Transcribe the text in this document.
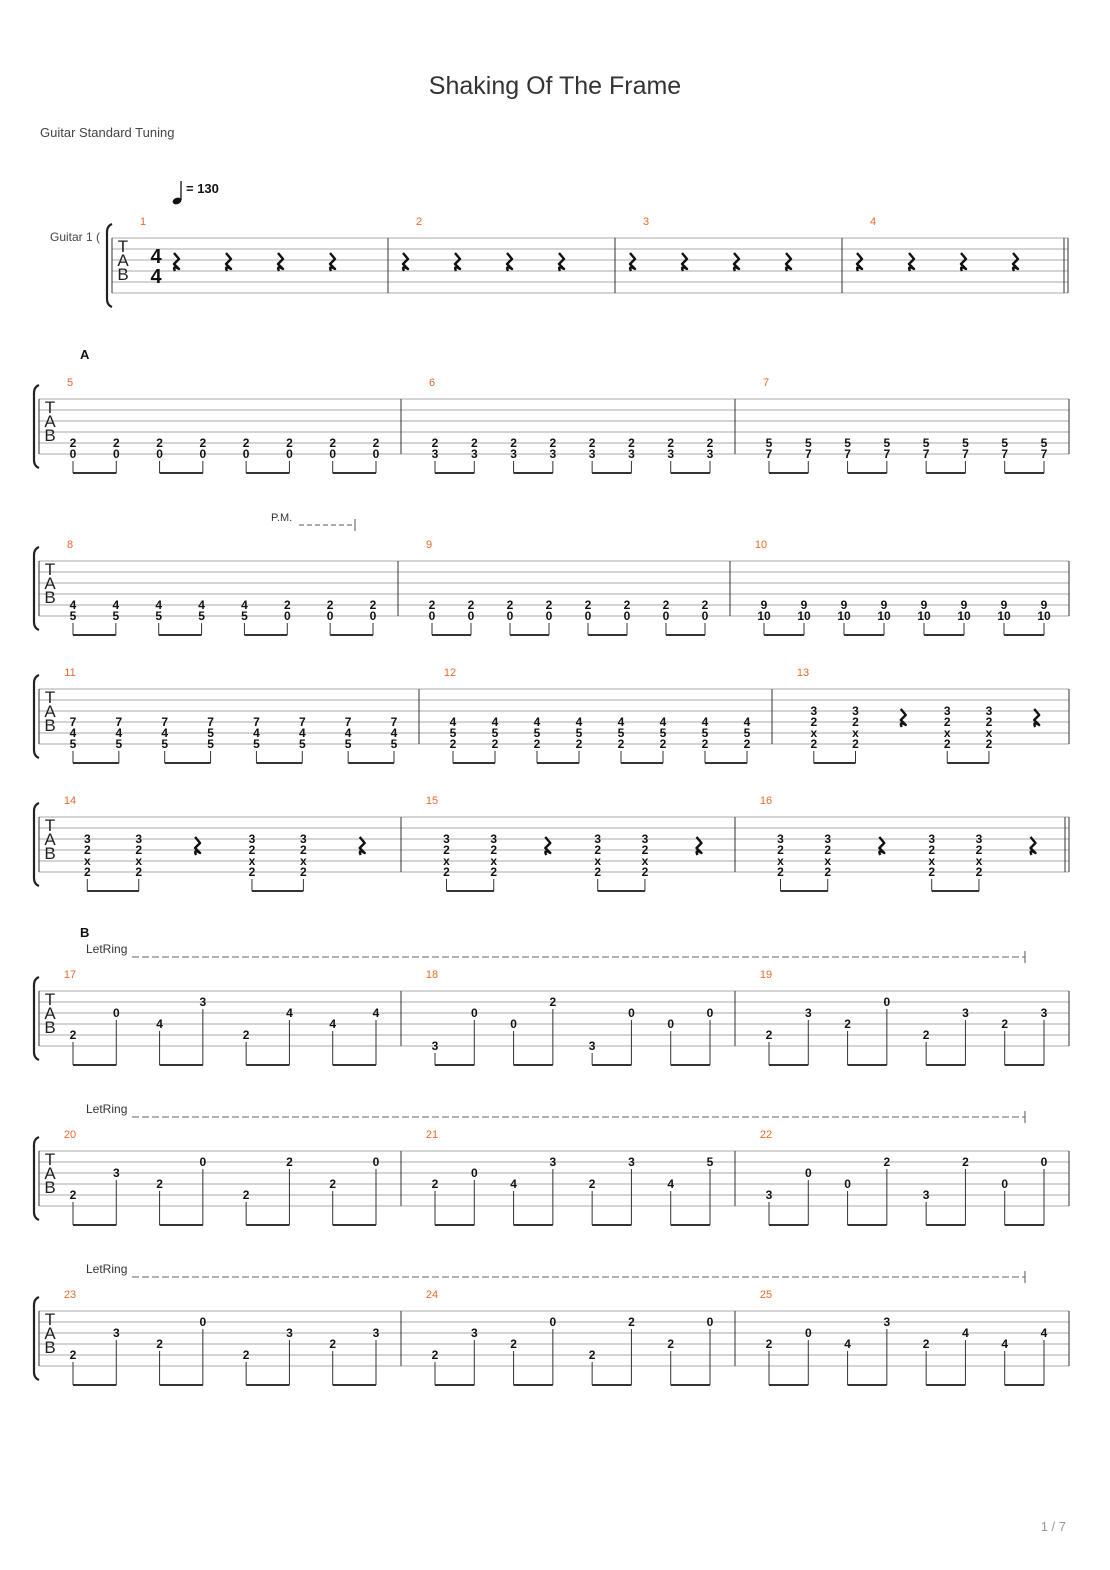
Shaking Of The Frame
Guitar Standard Tuning
1 / 7
T
A
B
1	2	3	4
T
A
B
5
2
0
2
0
2
0
2
0
2
0
2
0
2
0
2
0
6
2
3
2
3
2
3
2
3
2
3
2
3
2
3
2
3
7
5
7
5
7
5
7
5
7
5
7
5
7
5
7
5
7
T
A
B
8
4
5
4
5
4
5
4
5
4
5
2
0
2
0
2
0
9
2
0
2
0
2
0
2
0
2
0
2
0
2
0
2
0
10
9
10
9
10
9
10
9
10
9
10
9
10
9
10
9
10
T
A
B
11
7
4
5
7
4
5
7
4
5
7
5
5
7
4
5
7
4
5
7
4
5
7
4
5
12
4
5
2
4
5
2
4
5
2
4
5
2
4
5
2
4
5
2
4
5
2
4
5
2
13
3
2
x
2
3
2
x
2
3
2
x
2
3
2
x
2
T
A
B
14
3
2
x
2
3
2
x
2
3
2
x
2
3
2
x
2
15
3
2
x
2
3
2
x
2
3
2
x
2
3
2
x
2
16
3
2
x
2
3
2
x
2
3
2
x
2
3
2
x
2
T
A
B
17
2
0
4
3
2
4
4
4
18
3
0
0
2
3
0
0
0
19
2
3
2
0
2
3
2
3
T
A
B
20
2
3
2
0
2
2
2
0
21
2
0
4
3
2
3
4
5
22
3
0
0
2
3
2
0
0
T
A
B
23
2
3
2
0
2
3
2
3
24
2
3
2
0
2
2
2
0
25
2
0
4
3
2
4
4
4
= 130
Guitar 1 (
4
4
A
B
P.M.
LetRing
LetRing
LetRing
